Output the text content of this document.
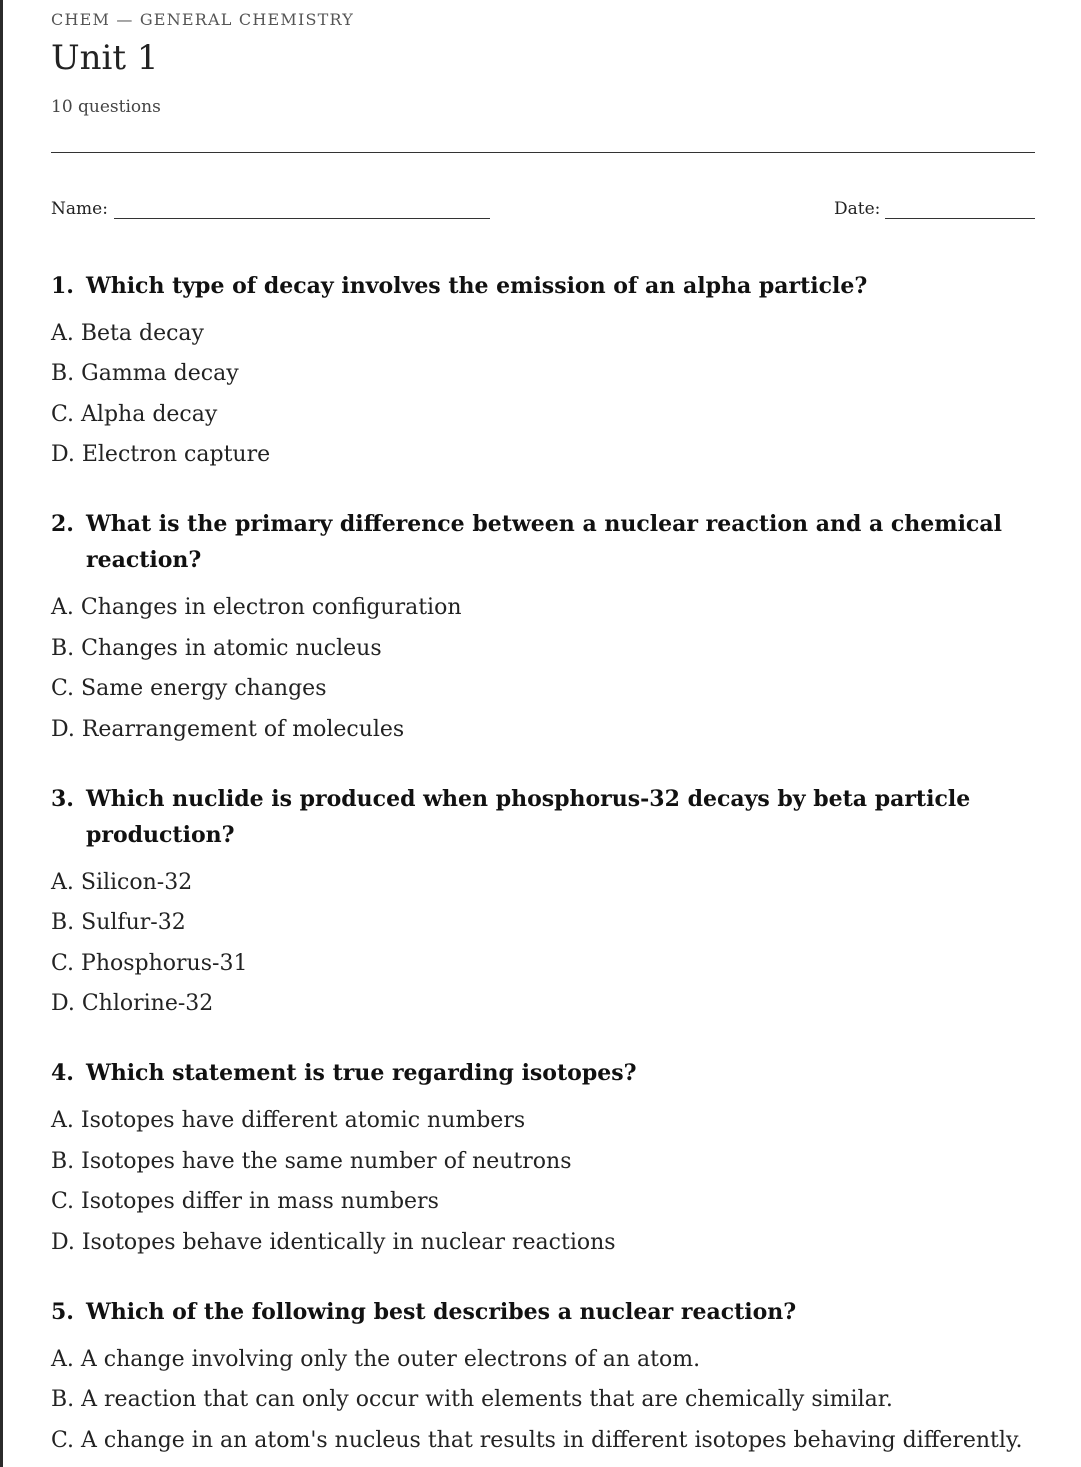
CHEM — GENERAL CHEMISTRY
Unit 1
10 questions
Name:	Date:
1. Which type of decay involves the emission of an alpha particle?
A. Beta decay
B. Gamma decay
C. Alpha decay
D. Electron capture
2. What is the primary difference between a nuclear reaction and a chemical reaction?
A. Changes in electron configuration
B. Changes in atomic nucleus
C. Same energy changes
D. Rearrangement of molecules
3. Which nuclide is produced when phosphorus-32 decays by beta particle production?
A. Silicon-32
B. Sulfur-32
C. Phosphorus-31
D. Chlorine-32
4. Which statement is true regarding isotopes?
A. Isotopes have different atomic numbers
B. Isotopes have the same number of neutrons
C. Isotopes differ in mass numbers
D. Isotopes behave identically in nuclear reactions
5. Which of the following best describes a nuclear reaction?
A. A change involving only the outer electrons of an atom.
B. A reaction that can only occur with elements that are chemically similar.
C. A change in an atom's nucleus that results in different isotopes behaving differently.
